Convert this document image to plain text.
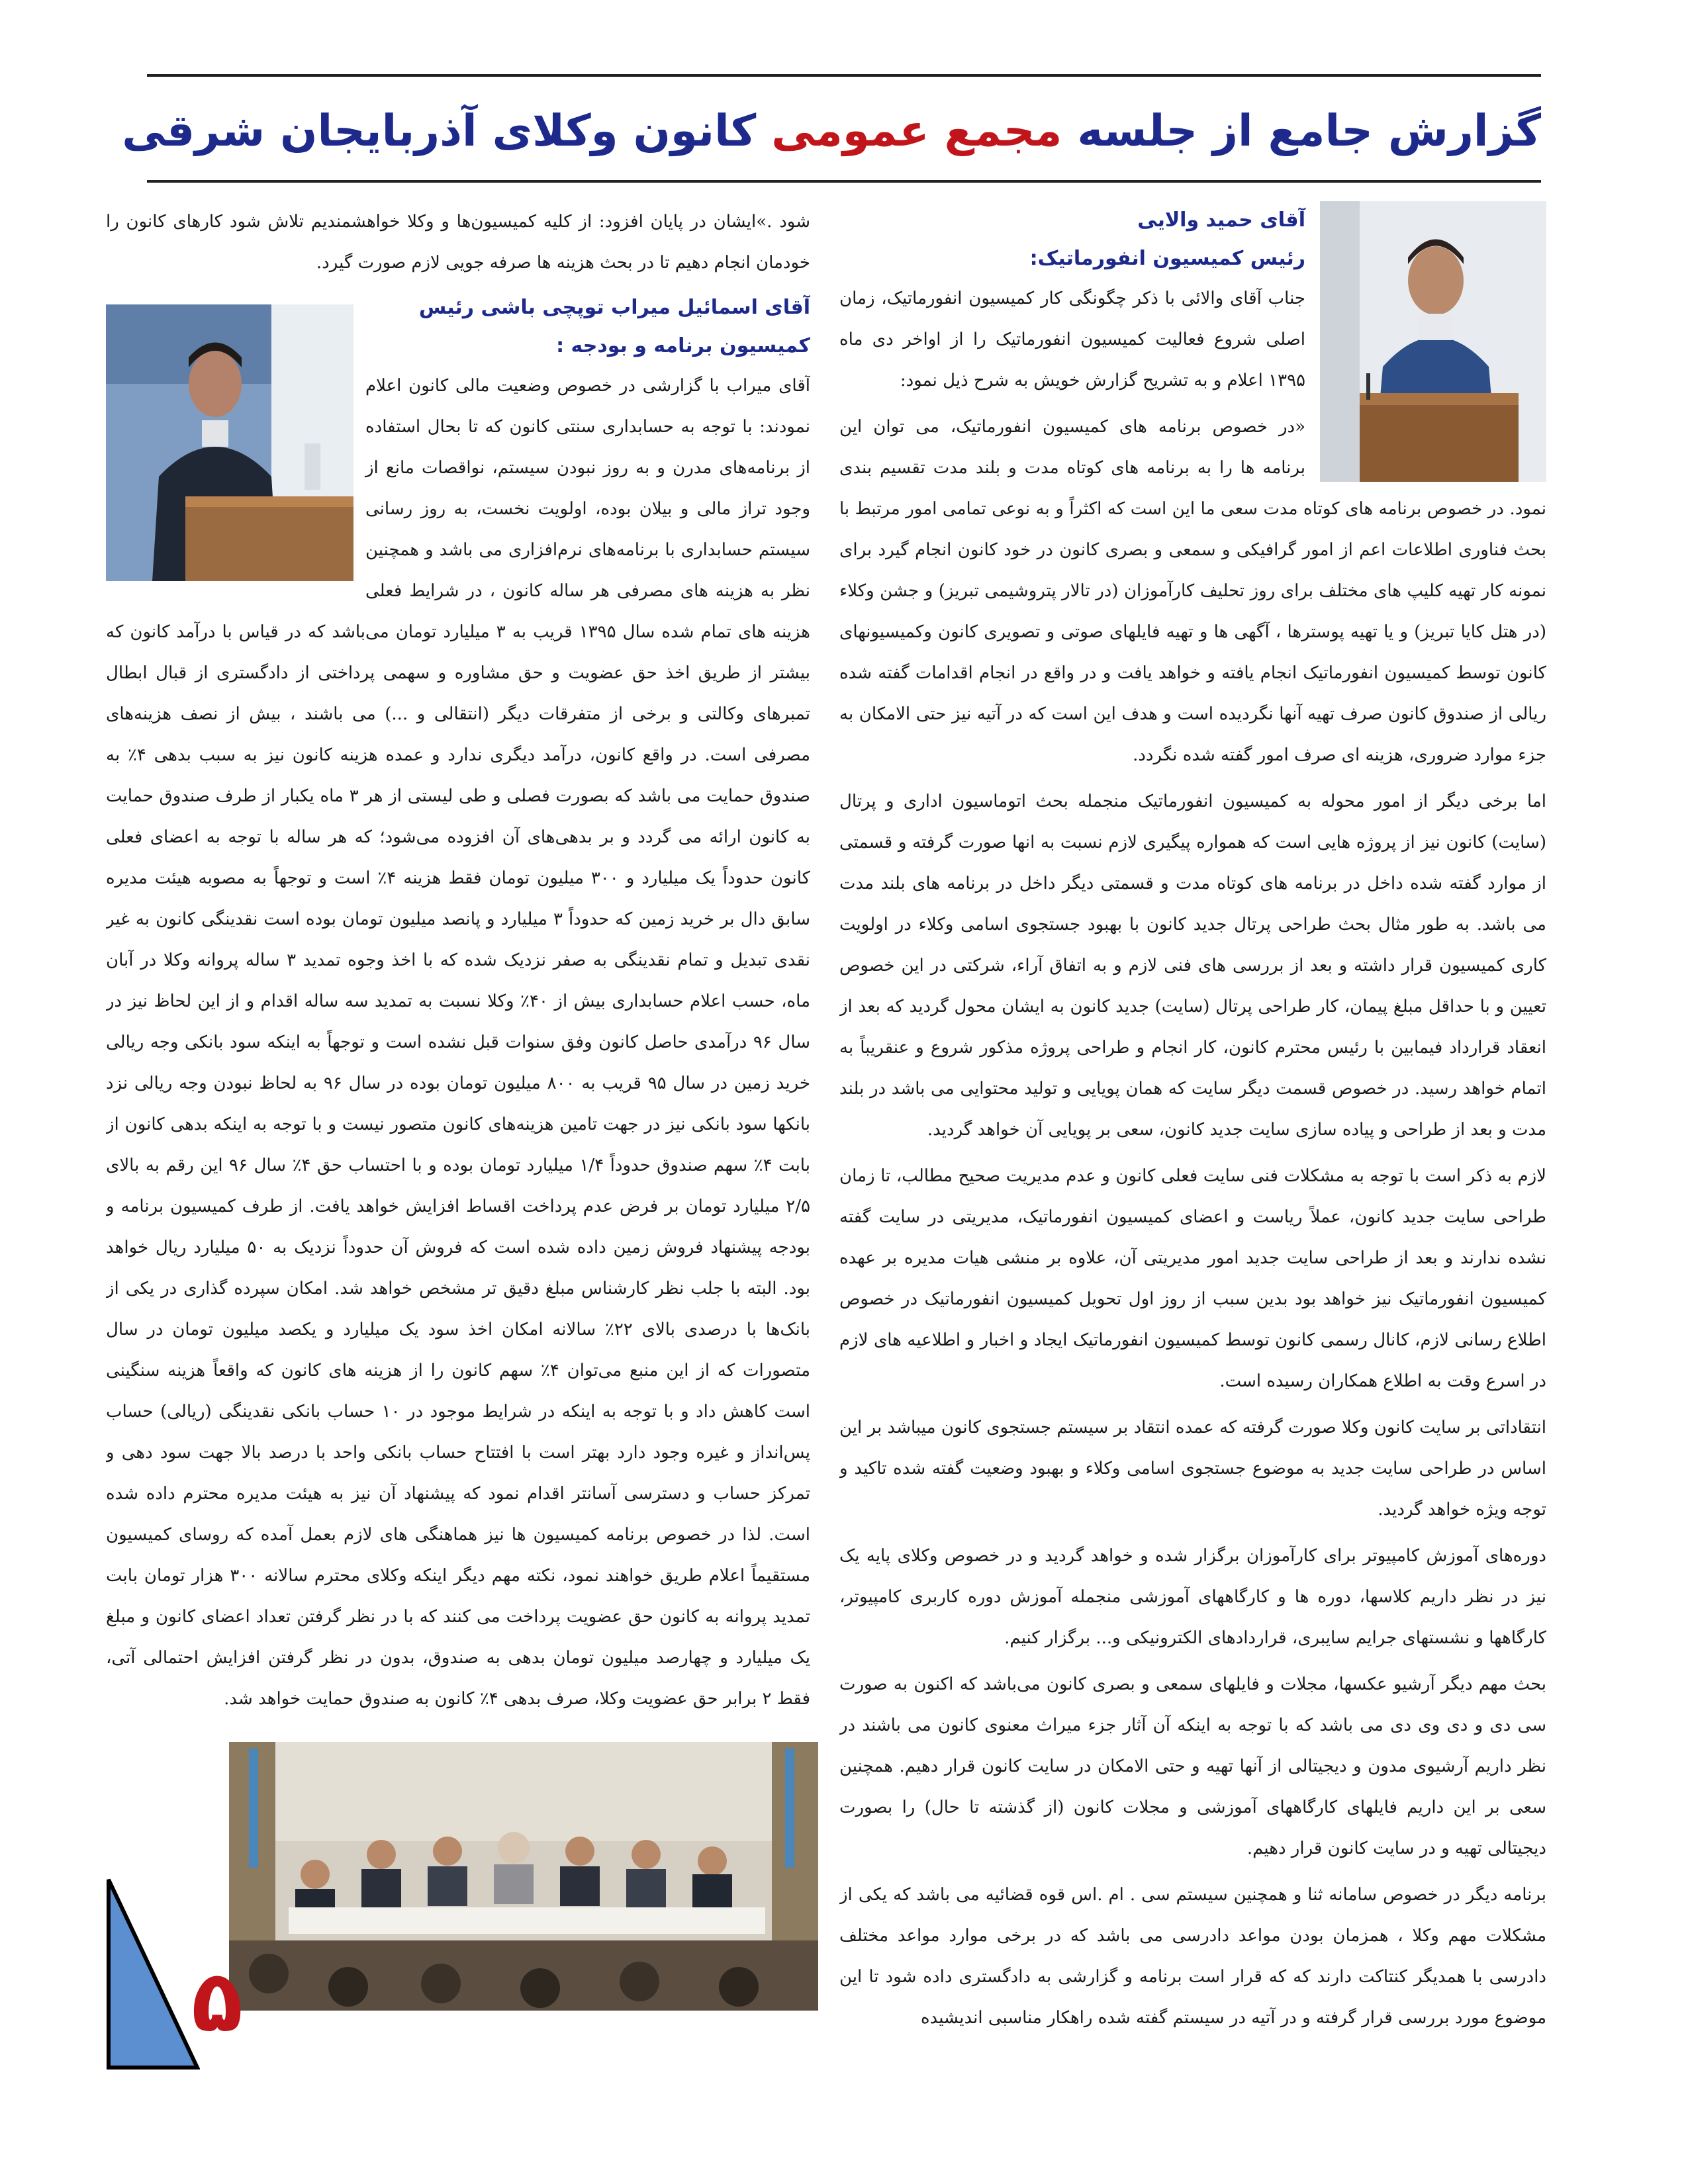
گزارش جامع از جلسه مجمع عمومی کانون وکلای آذربایجان شرقی
آقای حمید والایی
رئیس کمیسیون انفورماتیک:

جناب آقای والائی با ذکر چگونگی کار کمیسیون انفورماتیک، زمان اصلی شروع فعالیت کمیسیون انفورماتیک را از اواخر دی ماه ۱۳۹۵ اعلام و به تشریح گزارش خویش به شرح ذیل نمود:

«در خصوص برنامه های کمیسیون انفورماتیک، می توان این برنامه ها را به برنامه های کوتاه مدت و بلند مدت تقسیم بندی نمود. در خصوص برنامه های کوتاه مدت سعی ما این است که اکثراً و به نوعی تمامی امور مرتبط با بحث فناوری اطلاعات اعم از امور گرافیکی و سمعی و بصری کانون در خود کانون انجام گیرد برای نمونه کار تهیه کلیپ های مختلف برای روز تحلیف کارآموزان (در تالار پتروشیمی تبریز) و جشن وکلاء (در هتل کایا تبریز) و یا تهیه پوسترها ، آگهی ها و تهیه فایلهای صوتی و تصویری کانون وکمیسیونهای کانون توسط کمیسیون انفورماتیک انجام یافته و خواهد یافت و در واقع در انجام اقدامات گفته شده ریالی از صندوق کانون صرف تهیه آنها نگردیده است و هدف این است که در آتیه نیز حتی الامکان به جزء موارد ضروری، هزینه ای صرف امور گفته شده نگردد.

اما برخی دیگر از امور محوله به کمیسیون انفورماتیک منجمله بحث اتوماسیون اداری و پرتال (سایت) کانون نیز از پروژه هایی است که همواره پیگیری لازم نسبت به انها صورت گرفته و قسمتی از موارد گفته شده داخل در برنامه های کوتاه مدت و قسمتی دیگر داخل در برنامه های بلند مدت می باشد. به طور مثال بحث طراحی پرتال جدید کانون با بهبود جستجوی اسامی وکلاء در اولویت کاری کمیسیون قرار داشته و بعد از بررسی های فنی لازم و به اتفاق آراء، شرکتی در این خصوص تعیین و با حداقل مبلغ پیمان، کار طراحی پرتال (سایت) جدید کانون به ایشان محول گردید که بعد از انعقاد قرارداد فیمابین با رئیس محترم کانون، کار انجام و طراحی پروژه مذکور شروع و عنقریباً به اتمام خواهد رسید. در خصوص قسمت دیگر سایت که همان پویایی و تولید محتوایی می باشد در بلند مدت و بعد از طراحی و پیاده سازی سایت جدید کانون، سعی بر پویایی آن خواهد گردید.

لازم به ذکر است با توجه به مشکلات فنی سایت فعلی کانون و عدم مدیریت صحیح مطالب، تا زمان طراحی سایت جدید کانون، عملاً ریاست و اعضای کمیسیون انفورماتیک، مدیریتی در سایت گفته نشده ندارند و بعد از طراحی سایت جدید امور مدیریتی آن، علاوه بر منشی هیات مدیره بر عهده کمیسیون انفورماتیک نیز خواهد بود بدین سبب از روز اول تحویل کمیسیون انفورماتیک در خصوص اطلاع رسانی لازم، کانال رسمی کانون توسط کمیسیون انفورماتیک ایجاد و اخبار و اطلاعیه های لازم در اسرع وقت به اطلاع همکاران رسیده است.

انتقاداتی بر سایت کانون وکلا صورت گرفته که عمده انتقاد بر سیستم جستجوی کانون میباشد بر این اساس در طراحی سایت جدید به موضوع جستجوی اسامی وکلاء و بهبود وضعیت گفته شده تاکید و توجه ویژه خواهد گردید.

دوره‌های آموزش کامپیوتر برای کارآموزان برگزار شده و خواهد گردید و در خصوص وکلای پایه یک نیز در نظر داریم کلاسها، دوره ها و کارگاههای آموزشی منجمله آموزش دوره کاربری کامپیوتر، کارگاهها و نشستهای جرایم سایبری، قراردادهای الکترونیکی و... برگزار کنیم.

بحث مهم دیگر آرشیو عکسها، مجلات و فایلهای سمعی و بصری کانون می‌باشد که اکنون به صورت سی دی و دی وی دی می باشد که با توجه به اینکه آن آثار جزء میراث معنوی کانون می باشند در نظر داریم آرشیوی مدون و دیجیتالی از آنها تهیه و حتی الامکان در سایت کانون قرار دهیم. همچنین سعی بر این داریم فایلهای کارگاههای آموزشی و مجلات کانون (از گذشته تا حال) را بصورت دیجیتالی تهیه و در سایت کانون قرار دهیم.

برنامه دیگر در خصوص سامانه ثنا و همچنین سیستم سی . ام .اس قوه قضائیه می باشد که یکی از مشکلات مهم وکلا ، همزمان بودن مواعد دادرسی می باشد که در برخی موارد مواعد مختلف دادرسی با همدیگر کنتاکت دارند که که قرار است برنامه و گزارشی به دادگستری داده شود تا این موضوع مورد بررسی قرار گرفته و در آتیه در سیستم گفته شده راهکار مناسبی اندیشیده

شود .»ایشان در پایان افزود: از کلیه کمیسیون‌ها و وکلا خواهشمندیم تلاش شود کارهای کانون را خودمان انجام دهیم تا در بحث هزینه ها صرفه جویی لازم صورت گیرد.

آقای اسمائیل میراب توپچی باشی رئیس
کمیسیون برنامه و بودجه :

آقای میراب با گزارشی در خصوص وضعیت مالی کانون اعلام نمودند: با توجه به حسابداری سنتی کانون که تا بحال استفاده از برنامه‌های مدرن و به روز نبودن سیستم، نواقصات مانع از وجود تراز مالی و بیلان بوده، اولویت نخست، به روز رسانی سیستم حسابداری با برنامه‌های نرم‌افزاری می باشد و همچنین نظر به هزینه های مصرفی هر ساله کانون ، در شرایط فعلی هزینه های تمام شده سال ۱۳۹۵ قریب به ۳ میلیارد تومان می‌باشد که در قیاس با درآمد کانون که بیشتر از طریق اخذ حق عضویت و حق مشاوره و سهمی پرداختی از دادگستری از قبال ابطال تمبرهای وکالتی و برخی از متفرقات دیگر (انتقالی و ...) می باشند ، بیش از نصف هزینه‌های مصرفی است. در واقع کانون، درآمد دیگری ندارد و عمده هزینه کانون نیز به سبب بدهی ۴٪ به صندوق حمایت می باشد که بصورت فصلی و طی لیستی از هر ۳ ماه یکبار از طرف صندوق حمایت به کانون ارائه می گردد و بر بدهی‌های آن افزوده می‌شود؛ که هر ساله با توجه به اعضای فعلی کانون حدوداً یک میلیارد و ۳۰۰ میلیون تومان فقط هزینه ۴٪ است و توجهاً به مصوبه هیئت مدیره سابق دال بر خرید زمین که حدوداً ۳ میلیارد و پانصد میلیون تومان بوده است نقدینگی کانون به غیر نقدی تبدیل و تمام نقدینگی به صفر نزدیک شده که با اخذ وجوه تمدید ۳ ساله پروانه وکلا در آبان ماه، حسب اعلام حسابداری بیش از ۴۰٪ وکلا نسبت به تمدید سه ساله اقدام و از این لحاظ نیز در سال ۹۶ درآمدی حاصل کانون وفق سنوات قبل نشده است و توجهاً به اینکه سود بانکی وجه ریالی خرید زمین در سال ۹۵ قریب به ۸۰۰ میلیون تومان بوده در سال ۹۶ به لحاظ نبودن وجه ریالی نزد بانکها سود بانکی نیز در جهت تامین هزینه‌های کانون متصور نیست و با توجه به اینکه بدهی کانون از بابت ۴٪ سهم صندوق حدوداً ۱/۴ میلیارد تومان بوده و با احتساب حق ۴٪ سال ۹۶ این رقم به بالای ۲/۵ میلیارد تومان بر فرض عدم پرداخت اقساط افزایش خواهد یافت. از طرف کمیسیون برنامه و بودجه پیشنهاد فروش زمین داده شده است که فروش آن حدوداً نزدیک به ۵۰ میلیارد ریال خواهد بود. البته با جلب نظر کارشناس مبلغ دقیق تر مشخص خواهد شد. امکان سپرده گذاری در یکی از بانک‌ها با درصدی بالای ۲۲٪ سالانه امکان اخذ سود یک میلیارد و یکصد میلیون تومان در سال متصورات که از این منبع می‌توان ۴٪ سهم کانون را از هزینه های کانون که واقعاً هزینه سنگینی است کاهش داد و با توجه به اینکه در شرایط موجود در ۱۰ حساب بانکی نقدینگی (ریالی) حساب پس‌انداز و غیره وجود دارد بهتر است با افتتاح حساب بانکی واحد با درصد بالا جهت سود دهی و تمرکز حساب و دسترسی آسانتر اقدام نمود که پیشنهاد آن نیز به هیئت مدیره محترم داده شده است. لذا در خصوص برنامه کمیسیون ها نیز هماهنگی های لازم بعمل آمده که روسای کمیسیون مستقیماً اعلام طریق خواهند نمود، نکته مهم دیگر اینکه وکلای محترم سالانه ۳۰۰ هزار تومان بابت تمدید پروانه به کانون حق عضویت پرداخت می کنند که با در نظر گرفتن تعداد اعضای کانون و مبلغ یک میلیارد و چهارصد میلیون تومان بدهی به صندوق، بدون در نظر گرفتن افزایش احتمالی آتی، فقط ۲ برابر حق عضویت وکلا، صرف بدهی ۴٪ کانون به صندوق حمایت خواهد شد.

۵
